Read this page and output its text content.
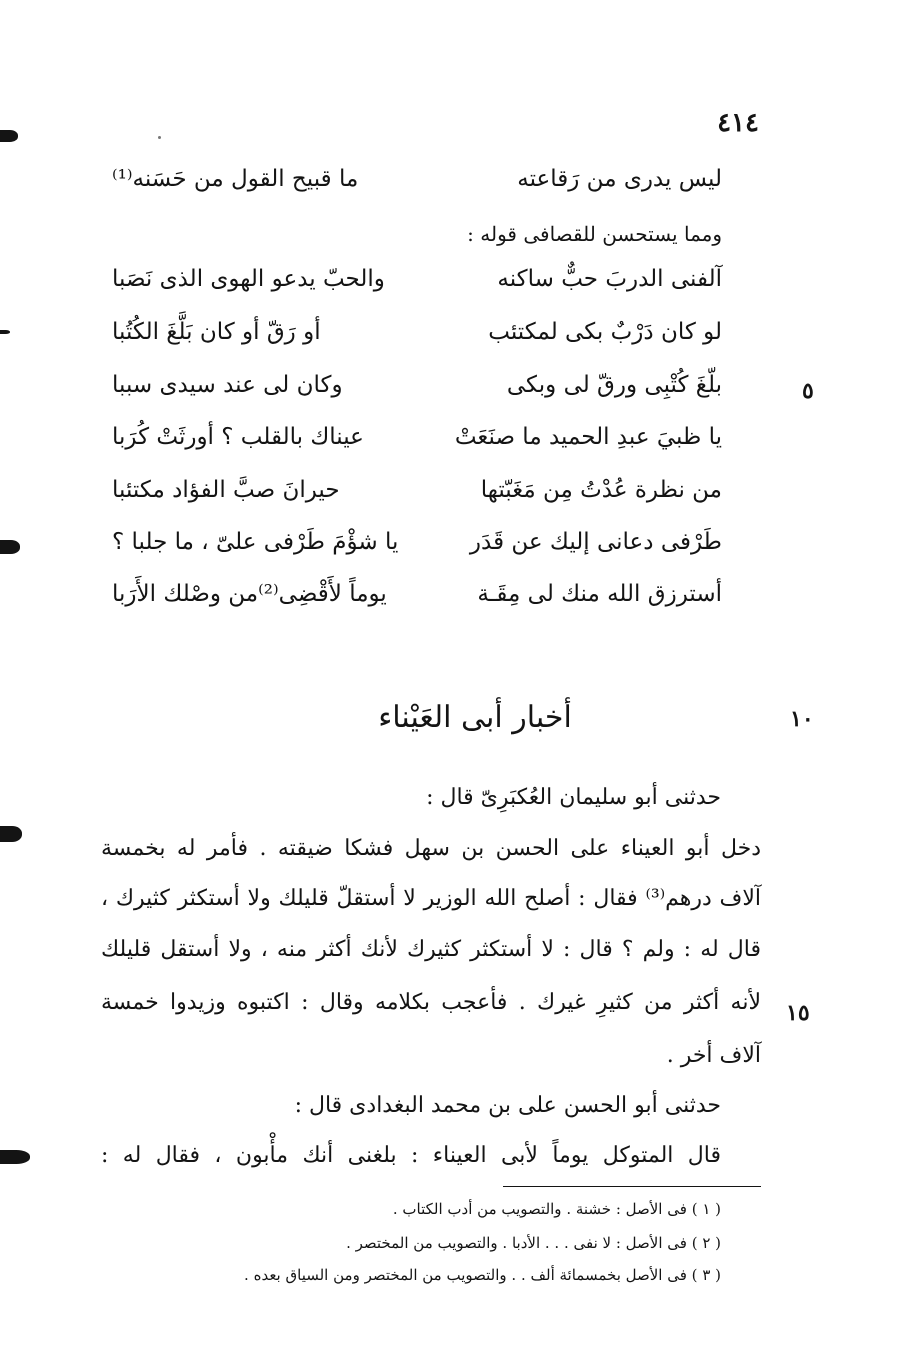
٤١٤
ليس يدرى من رَقاعته
ما قبيح القول من حَسَنه⁽¹⁾
ومما يستحسن للقصافى قوله :
آلفنى الدربَ حبٌّ ساكنه
والحبّ يدعو الهوى الذى نَصَبا
لو كان دَرْبٌ بكى لمكتئب
أو رَقّ أو كان بَلَّغَ الكُتُبا
بلّغَ كُتْبِى ورقّ لى وبكى
وكان لى عند سيدى سببا
يا ظبيَ عبدِ الحميد ما صنَعَتْ
عيناك بالقلب ؟ أورثَتْ كُرَبا
من نظرة عُدْتُ مِن مَغَبّتها
حيرانَ صبَّ الفؤاد مكتئبا
طَرْفى دعانى إليك عن قَدَر
يا شؤْمَ طَرْفى علىّ ، ما جلبا ؟
أسترزق الله منك لى مِقَـة
يوماً لأَقْضِى⁽²⁾من وصْلك الأَرَبا
٥
أخبار أبى العَيْناء	١٠
حدثنى أبو سليمان العُكبَرِىّ قال :
دخل أبو العيناء على الحسن بن سهل فشكا ضيقته . فأمر له بخمسة
آلاف درهم⁽³⁾ فقال : أصلح الله الوزير لا أستقلّ قليلك ولا أستكثر كثيرك ،
قال له : ولم ؟ قال : لا أستكثر كثيرك لأنك أكثر منه ، ولا أستقل قليلك
لأنه أكثر من كثيرِ غيرك . فأعجب بكلامه وقال : اكتبوه وزيدوا خمسة
آلاف أخر .
حدثنى أبو الحسن على بن محمد البغدادى قال :
قال المتوكل يوماً لأبى العيناء : بلغنى أنك مأْبون ، فقال له :
١٥
( ١ ) فى الأصل : خشنة . والتصويب من أدب الكتاب .
( ٢ ) فى الأصل : لا نفى . . . الأدبا . والتصويب من المختصر .
( ٣ ) فى الأصل بخمسمائة ألف . . والتصويب من المختصر ومن السياق بعده .
